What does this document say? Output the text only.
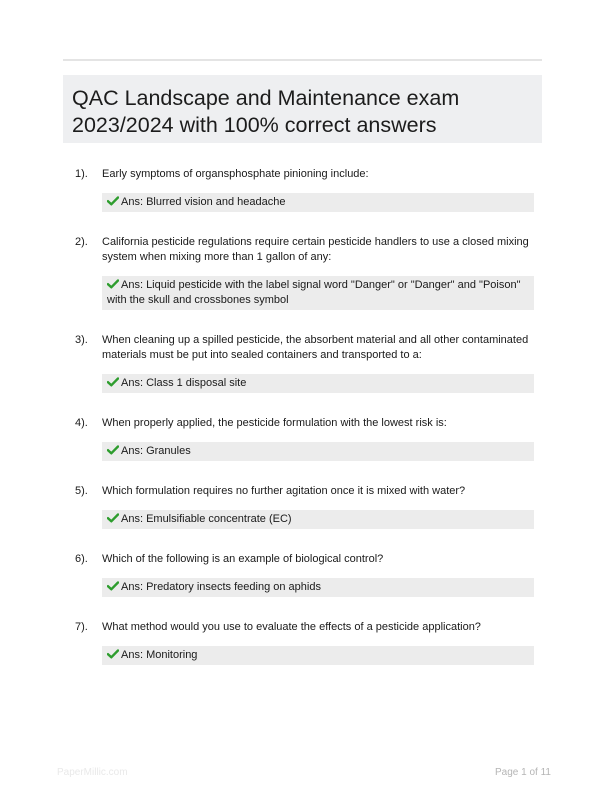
QAC Landscape and Maintenance exam 2023/2024 with 100% correct answers
1). Early symptoms of organsphosphate pinioning include:
Ans: Blurred vision and headache
2). California pesticide regulations require certain pesticide handlers to use a closed mixing system when mixing more than 1 gallon of any:
Ans: Liquid pesticide with the label signal word "Danger" or "Danger" and "Poison" with the skull and crossbones symbol
3). When cleaning up a spilled pesticide, the absorbent material and all other contaminated materials must be put into sealed containers and transported to a:
Ans: Class 1 disposal site
4). When properly applied, the pesticide formulation with the lowest risk is:
Ans: Granules
5). Which formulation requires no further agitation once it is mixed with water?
Ans: Emulsifiable concentrate (EC)
6). Which of the following is an example of biological control?
Ans: Predatory insects feeding on aphids
7). What method would you use to evaluate the effects of a pesticide application?
Ans: Monitoring
PaperMillic.com	Page 1 of 11
